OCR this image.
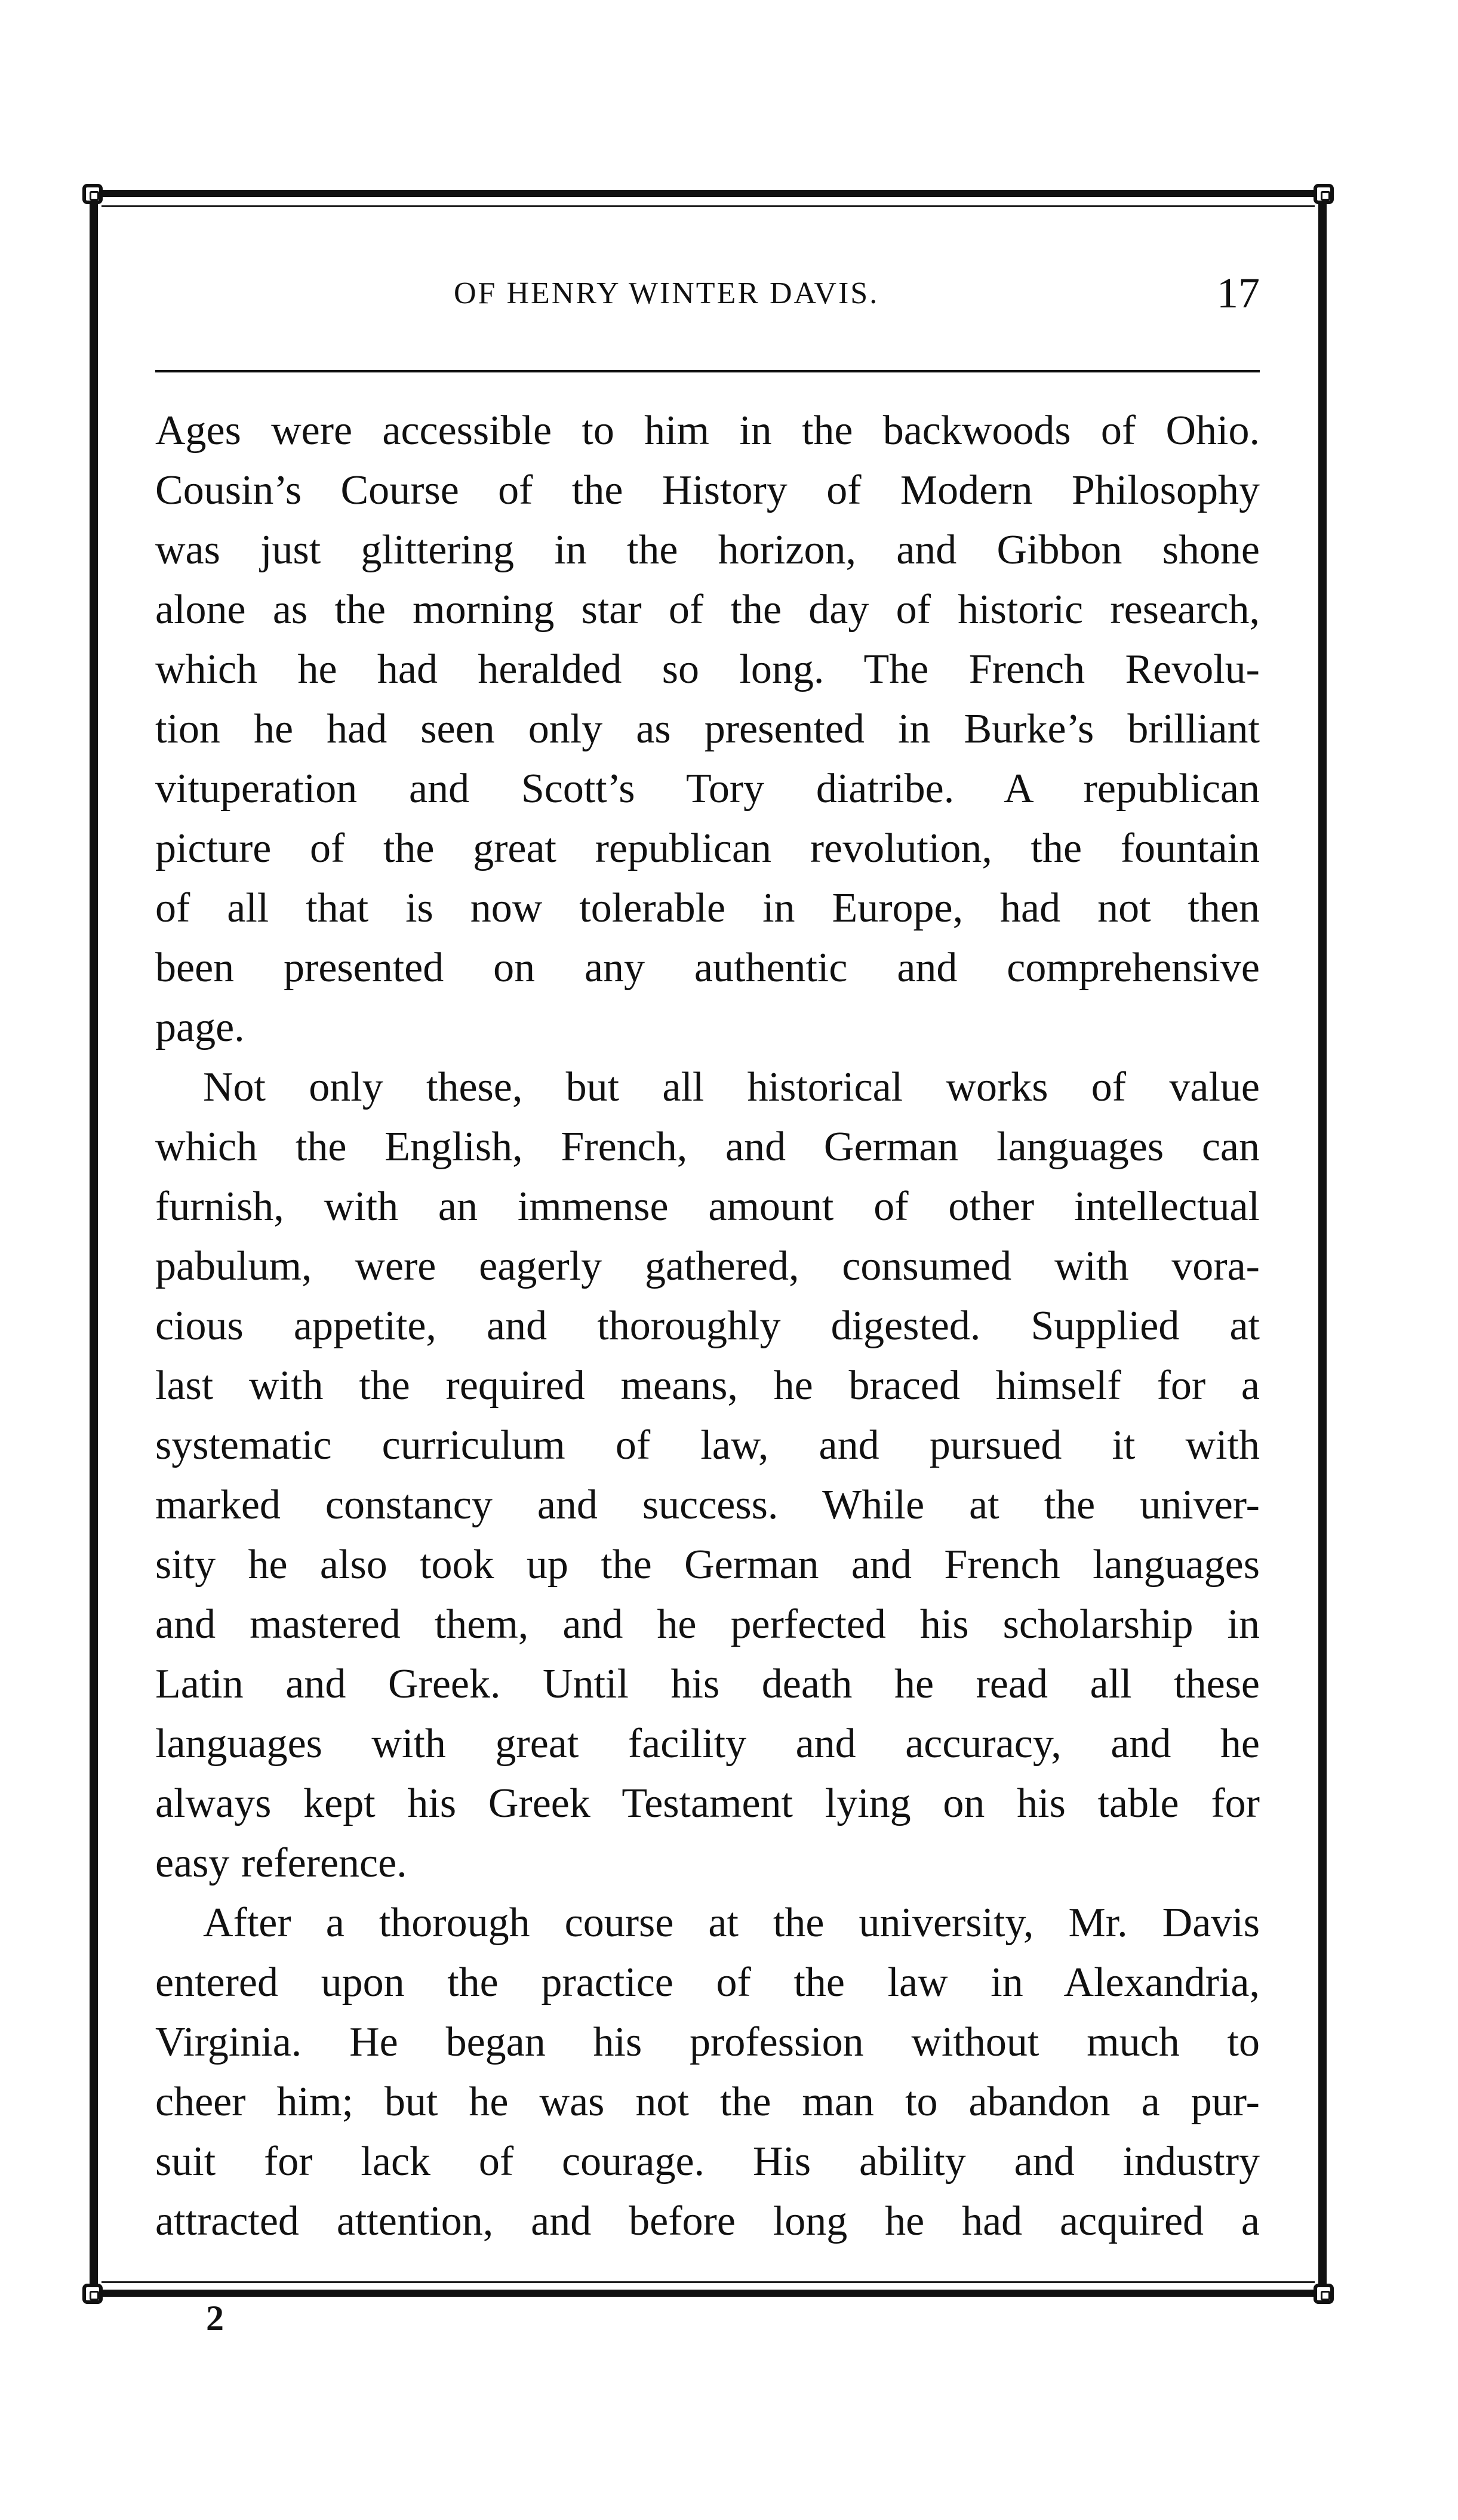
OF HENRY WINTER DAVIS.	17
Ages were accessible to him in the backwoods of Ohio.
Cousin’s Course of the History of Modern Philosophy
was just glittering in the horizon, and Gibbon shone
alone as the morning star of the day of historic research,
which he had heralded so long. The French Revolu-
tion he had seen only as presented in Burke’s brilliant
vituperation and Scott’s Tory diatribe. A republican
picture of the great republican revolution, the fountain
of all that is now tolerable in Europe, had not then
been presented on any authentic and comprehensive
page.
Not only these, but all historical works of value
which the English, French, and German languages can
furnish, with an immense amount of other intellectual
pabulum, were eagerly gathered, consumed with vora-
cious appetite, and thoroughly digested. Supplied at
last with the required means, he braced himself for a
systematic curriculum of law, and pursued it with
marked constancy and success. While at the univer-
sity he also took up the German and French languages
and mastered them, and he perfected his scholarship in
Latin and Greek. Until his death he read all these
languages with great facility and accuracy, and he
always kept his Greek Testament lying on his table for
easy reference.
After a thorough course at the university, Mr. Davis
entered upon the practice of the law in Alexandria,
Virginia. He began his profession without much to
cheer him; but he was not the man to abandon a pur-
suit for lack of courage. His ability and industry
attracted attention, and before long he had acquired a
2
